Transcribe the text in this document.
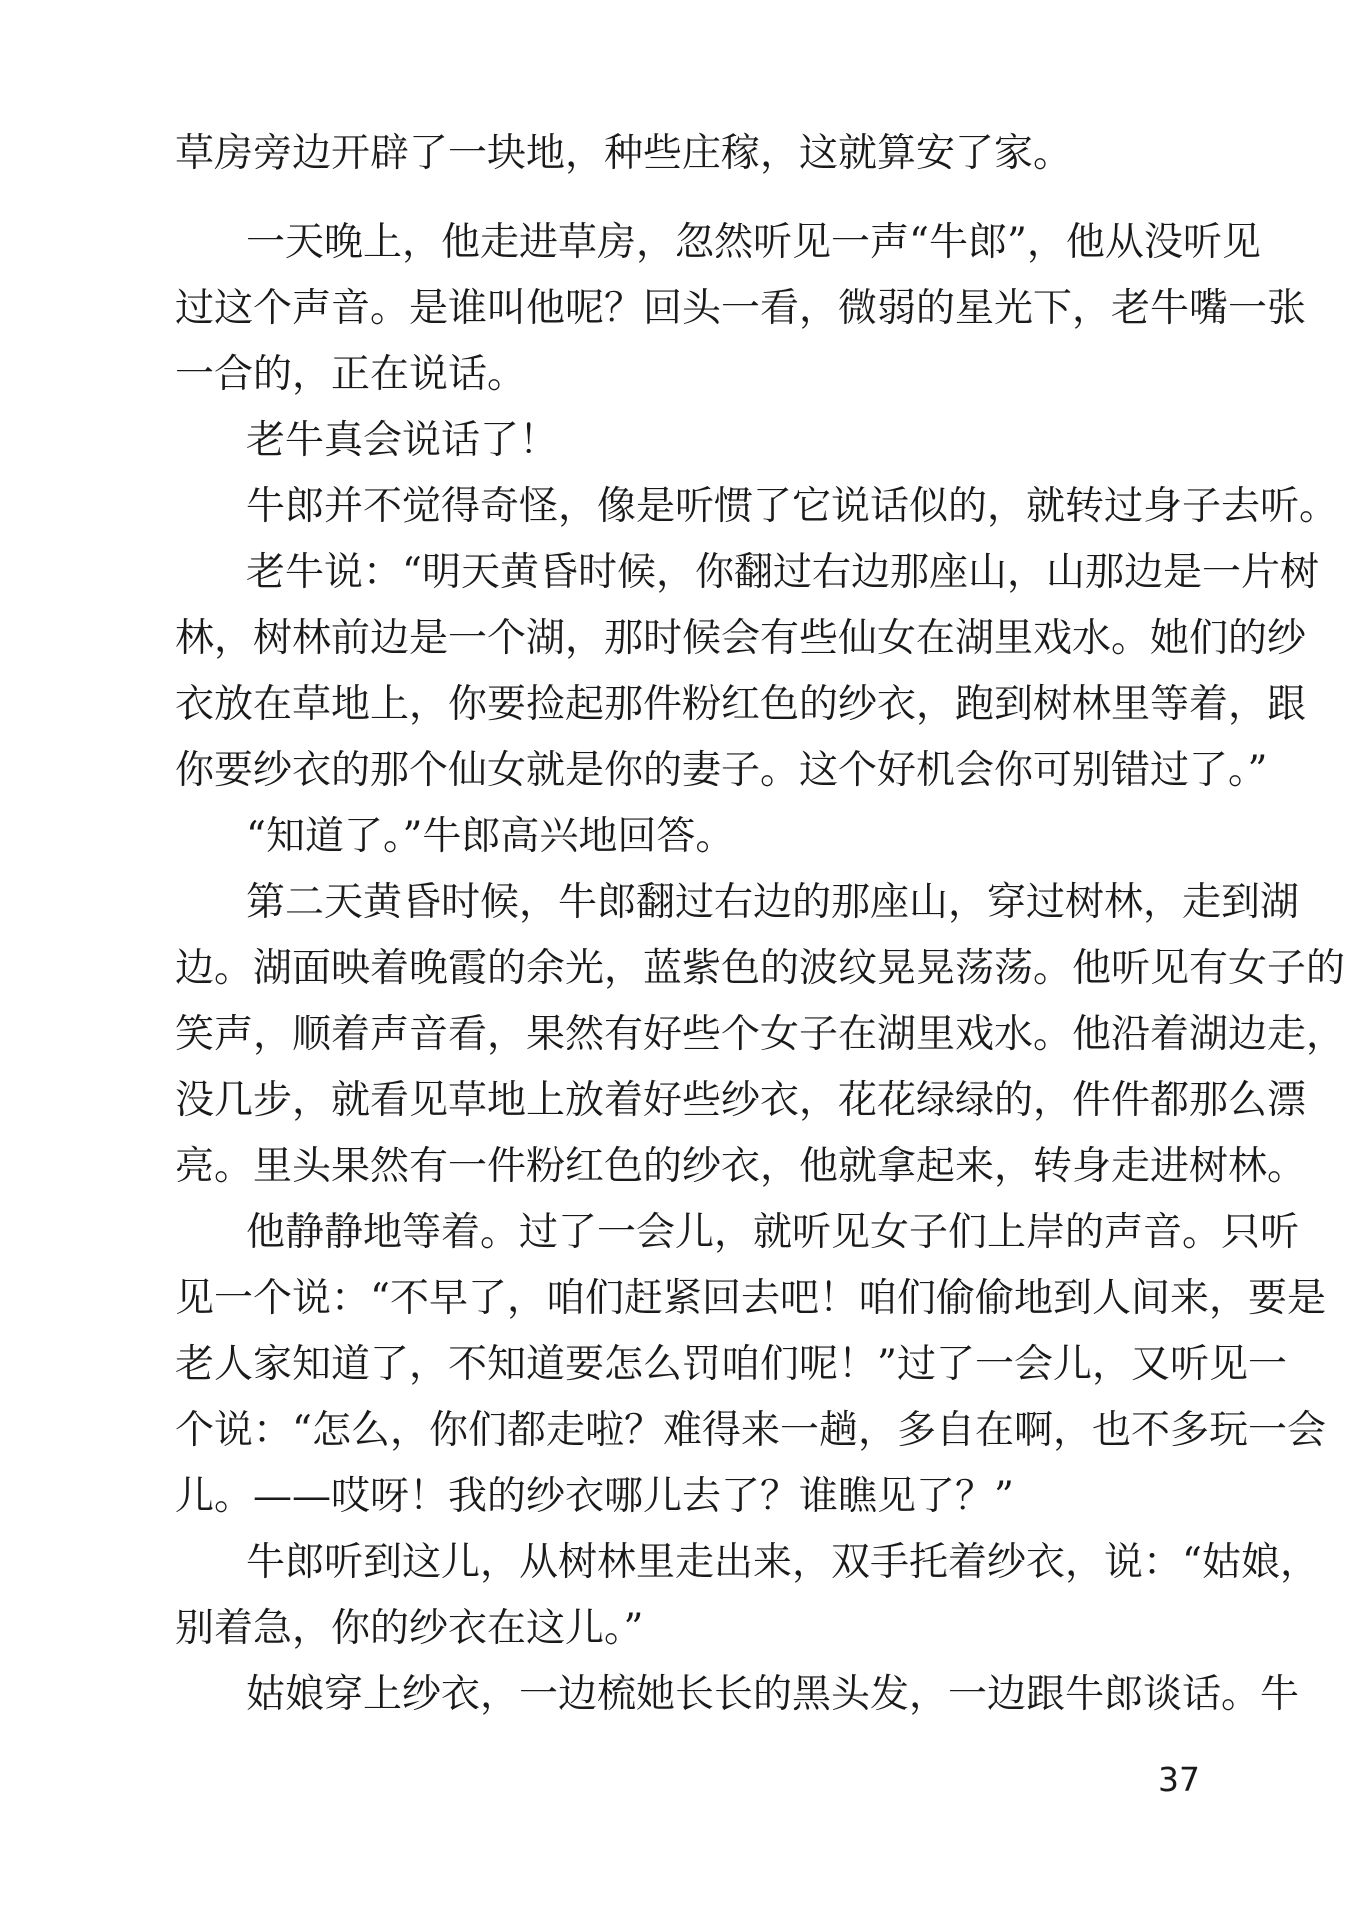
草房旁边开辟了一块地，种些庄稼，这就算安了家。
一天晚上，他走进草房，忽然听见一声“牛郎”，他从没听见
过这个声音。是谁叫他呢？回头一看，微弱的星光下，老牛嘴一张
一合的，正在说话。
老牛真会说话了！
牛郎并不觉得奇怪，像是听惯了它说话似的，就转过身子去听。
老牛说：“明天黄昏时候，你翻过右边那座山，山那边是一片树
林，树林前边是一个湖，那时候会有些仙女在湖里戏水。她们的纱
衣放在草地上，你要捡起那件粉红色的纱衣，跑到树林里等着，跟
你要纱衣的那个仙女就是你的妻子。这个好机会你可别错过了。”
“知道了。”牛郎高兴地回答。
第二天黄昏时候，牛郎翻过右边的那座山，穿过树林，走到湖
边。湖面映着晚霞的余光，蓝紫色的波纹晃晃荡荡。他听见有女子的
笑声，顺着声音看，果然有好些个女子在湖里戏水。他沿着湖边走，
没几步，就看见草地上放着好些纱衣，花花绿绿的，件件都那么漂
亮。里头果然有一件粉红色的纱衣，他就拿起来，转身走进树林。
他静静地等着。过了一会儿，就听见女子们上岸的声音。只听
见一个说：“不早了，咱们赶紧回去吧！咱们偷偷地到人间来，要是
老人家知道了，不知道要怎么罚咱们呢！”过了一会儿，又听见一
个说：“怎么，你们都走啦？难得来一趟，多自在啊，也不多玩一会
儿。——哎呀！我的纱衣哪儿去了？谁瞧见了？”
牛郎听到这儿，从树林里走出来，双手托着纱衣，说：“姑娘，
别着急，你的纱衣在这儿。”
姑娘穿上纱衣，一边梳她长长的黑头发，一边跟牛郎谈话。牛
37
